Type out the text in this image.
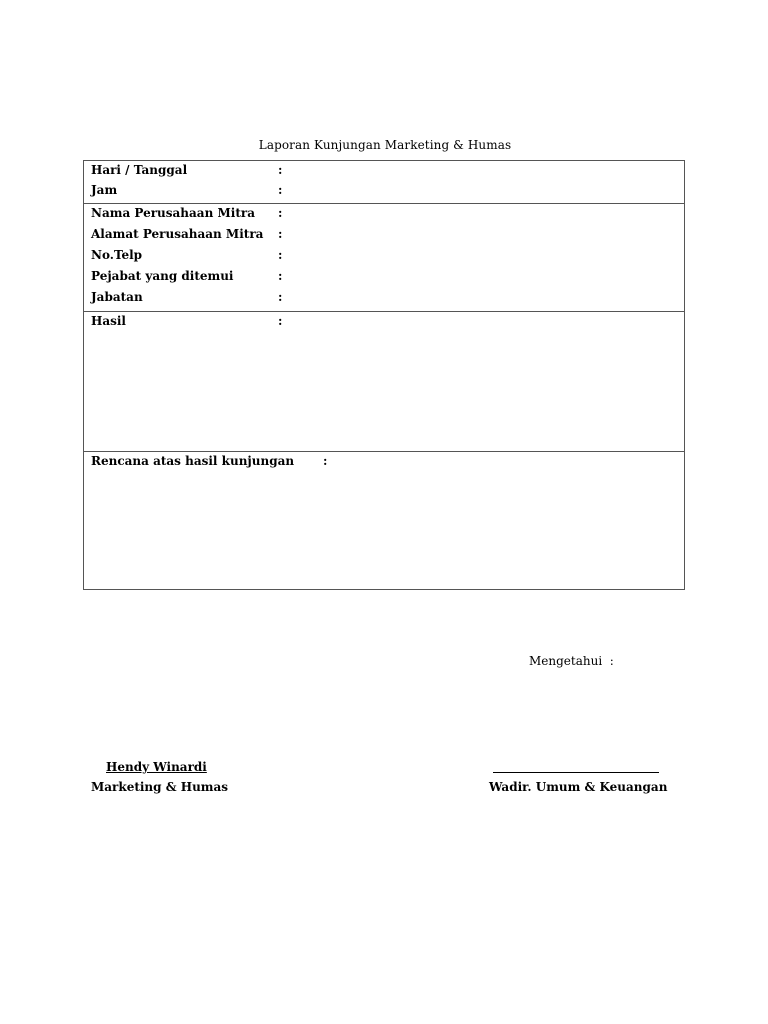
Laporan Kunjungan Marketing & Humas
Hari / Tanggal	:
Jam	:
Nama Perusahaan Mitra :
Alamat Perusahaan Mitra :
No.Telp	:
Pejabat yang ditemui	:
Jabatan	:
Hasil	:
Rencana atas hasil kunjungan :
Mengetahui  :
Hendy Winardi
Marketing & Humas	Wadir. Umum & Keuangan
